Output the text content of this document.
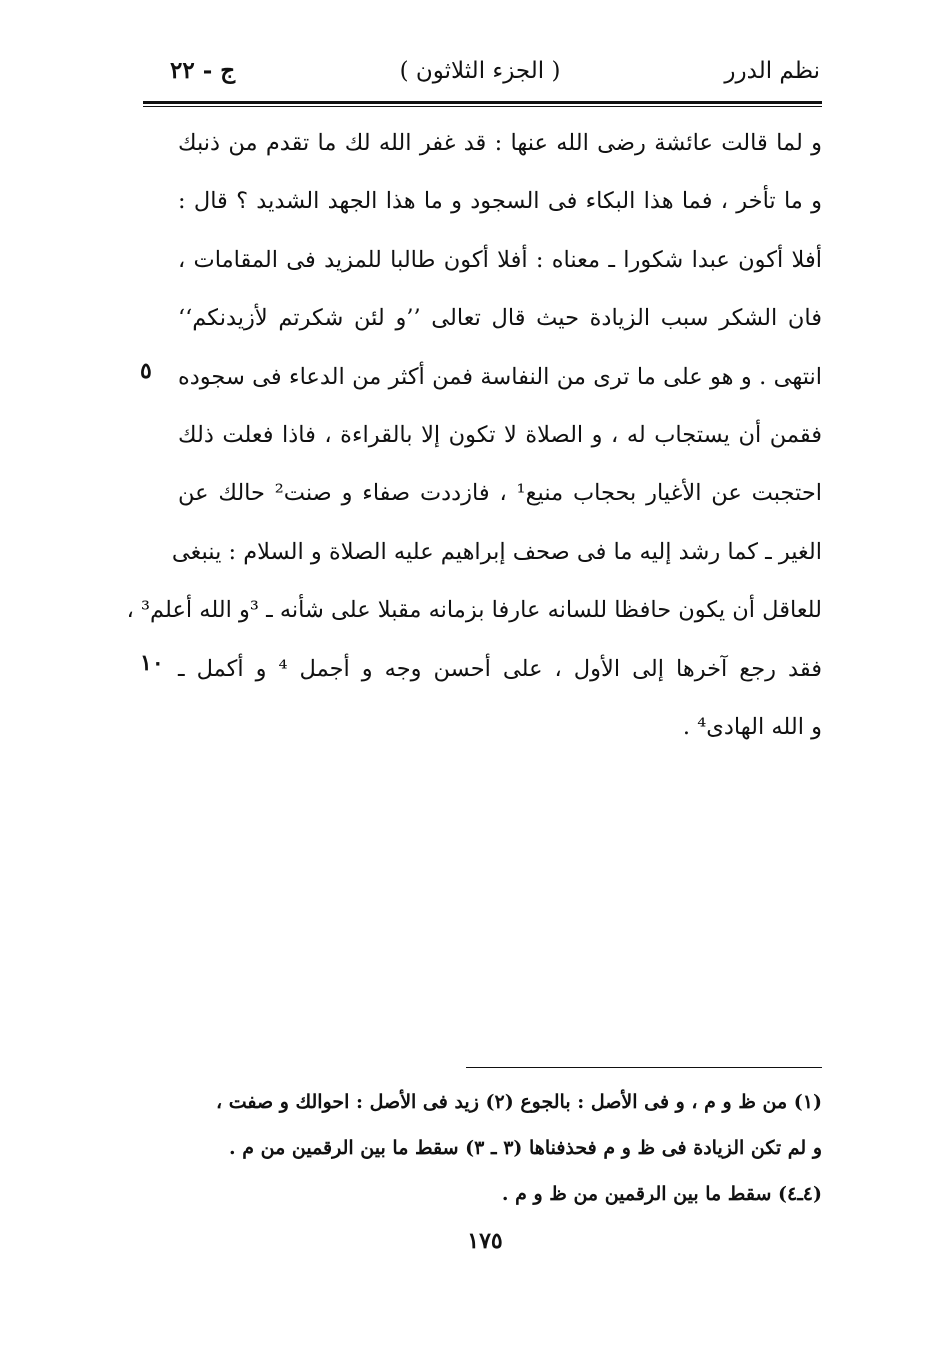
نظم الدرر
( الجزء الثلاثون )
ج - ٢٢
و لما قالت عائشة رضى الله عنها : قد غفر الله لك ما تقدم من ذنبك
و ما تأخر ، فما هذا البكاء فى السجود و ما هذا الجهد الشديد ؟ قال :
أفلا أكون عبدا شكورا ـ معناه : أفلا أكون طالبا للمزيد فى المقامات ،
فان الشكر سبب الزيادة حيث قال تعالى ’’و لئن شكرتم لأزيدنكم‘‘
انتهى . و هو على ما ترى من النفاسة فمن أكثر من الدعاء فى سجوده
فقمن أن يستجاب له ، و الصلاة لا تكون إلا بالقراءة ، فاذا فعلت ذلك
احتجبت عن الأغيار بحجاب منيع¹ ، فازددت صفاء و صنت² حالك عن
الغير ـ كما رشد إليه ما فى صحف إبراهيم عليه الصلاة و السلام : ينبغى
للعاقل أن يكون حافظا للسانه عارفا بزمانه مقبلا على شأنه ـ ³و الله أعلم³ ،
فقد رجع آخرها إلى الأول ، على أحسن وجه و أجمل ⁴ و أكمل ـ
و الله الهادى⁴ .
٥
١٠
(١) من ظ و م ، و فى الأصل : بالجوع (٢) زيد فى الأصل : احوالك و صفت ،
و لم تكن الزيادة فى ظ و م فحذفناها (٣ ـ ٣) سقط ما بين الرقمين من م .
(٤ـ٤) سقط ما بين الرقمين من ظ و م .
١٧٥
